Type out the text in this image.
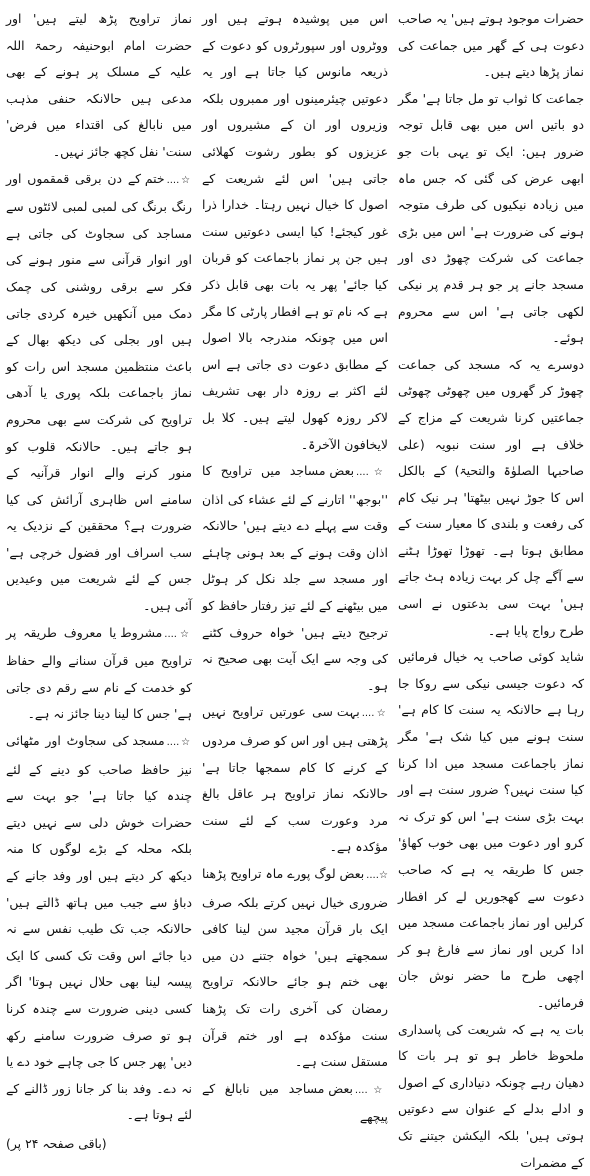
حضرات موجود ہوتے ہیں' یہ صاحب دعوت ہی کے گھر میں جماعت کی نماز پڑھا دیتے ہیں۔

جماعت کا ثواب تو مل جاتا ہے' مگر دو باتیں اس میں بھی قابل توجہ ضرور ہیں: ایک تو یہی بات جو ابھی عرض کی گئی کہ جس ماہ میں زیادہ نیکیوں کی طرف متوجہ ہونے کی ضرورت ہے' اس میں بڑی جماعت کی شرکت چھوڑ دی اور مسجد جانے پر جو ہر قدم پر نیکی لکھی جاتی ہے' اس سے محروم ہوئے۔

دوسرے یہ کہ مسجد کی جماعت چھوڑ کر گھروں میں چھوٹی چھوٹی جماعتیں کرنا شریعت کے مزاج کے خلاف ہے اور سنت نبویہ (علی صاحبہا الصلوٰۃ والتحیۃ) کے بالکل اس کا جوڑ نہیں بیٹھتا' ہر نیک کام کی رفعت و بلندی کا معیار سنت کے مطابق ہوتا ہے۔ تھوڑا تھوڑا ہٹنے سے آگے چل کر بہت زیادہ ہٹ جاتے ہیں' بہت سی بدعتوں نے اسی طرح رواج پایا ہے۔

شاید کوئی صاحب یہ خیال فرمائیں کہ دعوت جیسی نیکی سے روکا جا رہا ہے حالانکہ یہ سنت کا کام ہے' سنت ہونے میں کیا شک ہے' مگر نماز باجماعت مسجد میں ادا کرنا کیا سنت نہیں؟ ضرور سنت ہے اور بہت بڑی سنت ہے' اس کو ترک نہ کرو اور دعوت میں بھی خوب کھاؤ' جس کا طریقہ یہ ہے کہ صاحب دعوت سے کھجوریں لے کر افطار کرلیں اور نماز باجماعت مسجد میں ادا کریں اور نماز سے فارغ ہو کر اچھی طرح ما حضر نوش جان فرمائیں۔

بات یہ ہے کہ شریعت کی پاسداری ملحوظ خاطر ہو تو ہر بات کا دھیان رہے چونکہ دنیاداری کے اصول و ادلے بدلے کے عنوان سے دعوتیں ہوتی ہیں' بلکہ الیکشن جیتنے تک کے مضمرات

اس میں پوشیدہ ہوتے ہیں اور ووٹروں اور سپورٹروں کو دعوت کے ذریعہ مانوس کیا جاتا ہے اور یہ دعوتیں چیئرمینوں اور ممبروں بلکہ وزیروں اور ان کے مشیروں اور عزیزوں کو بطور رشوت کھلائی جاتی ہیں' اس لئے شریعت کے اصول کا خیال نہیں رہتا۔ خدارا ذرا غور کیجئے! کیا ایسی دعوتیں سنت ہیں جن پر نماز باجماعت کو قربان کیا جائے' پھر یہ بات بھی قابل ذکر ہے کہ نام تو ہے افطار پارٹی کا مگر اس میں چونکہ مندرجہ بالا اصول کے مطابق دعوت دی جاتی ہے اس لئے اکثر بے روزہ دار بھی تشریف لاکر روزہ کھول لیتے ہیں۔ کلا بل لایخافون الآخرۃ۔

☆....بعض مساجد میں تراویح کا ''بوجھ'' اتارنے کے لئے عشاء کی اذان وقت سے پہلے دے دیتے ہیں' حالانکہ اذان وقت ہونے کے بعد ہونی چاہئے اور مسجد سے جلد نکل کر ہوٹل میں بیٹھنے کے لئے تیز رفتار حافظ کو ترجیح دیتے ہیں' خواہ حروف کٹنے کی وجہ سے ایک آیت بھی صحیح نہ ہو۔

☆....بہت سی عورتیں تراویح نہیں پڑھتی ہیں اور اس کو صرف مردوں کے کرنے کا کام سمجھا جاتا ہے' حالانکہ نماز تراویح ہر عاقل بالغ مرد وعورت سب کے لئے سنت مؤکدہ ہے۔

☆....بعض لوگ پورے ماہ تراویح پڑھنا ضروری خیال نہیں کرتے بلکہ صرف ایک بار قرآن مجید سن لینا کافی سمجھتے ہیں' خواہ جتنے دن میں بھی ختم ہو جائے حالانکہ تراویح رمضان کی آخری رات تک پڑھنا سنت مؤکدہ ہے اور ختم قرآن مستقل سنت ہے۔

☆....بعض مساجد میں نابالغ کے پیچھے

نماز تراویح پڑھ لیتے ہیں' اور حضرت امام ابوحنیفہ رحمۃ اللہ علیہ کے مسلک پر ہونے کے بھی مدعی ہیں حالانکہ حنفی مذہب میں نابالغ کی اقتداء میں فرض' سنت' نفل کچھ جائز نہیں۔

☆....ختم کے دن برقی قمقموں اور رنگ برنگ کی لمبی لمبی لائٹوں سے مساجد کی سجاوٹ کی جاتی ہے اور انوار قرآنی سے منور ہونے کی فکر سے برقی روشنی کی چمک دمک میں آنکھیں خیرہ کردی جاتی ہیں اور بجلی کی دیکھ بھال کے باعث منتظمین مسجد اس رات کو نماز باجماعت بلکہ پوری یا آدھی تراویح کی شرکت سے بھی محروم ہو جاتے ہیں۔ حالانکہ قلوب کو منور کرنے والے انوار قرآنیہ کے سامنے اس ظاہری آرائش کی کیا ضرورت ہے؟ محققین کے نزدیک یہ سب اسراف اور فضول خرچی ہے' جس کے لئے شریعت میں وعیدیں آئی ہیں۔

☆....مشروط یا معروف طریقہ پر تراویح میں قرآن سنانے والے حفاظ کو خدمت کے نام سے رقم دی جاتی ہے' جس کا لینا دینا جائز نہ ہے۔

☆....مسجد کی سجاوٹ اور مٹھائی نیز حافظ صاحب کو دینے کے لئے چندہ کیا جاتا ہے' جو بہت سے حضرات خوش دلی سے نہیں دیتے بلکہ محلہ کے بڑے لوگوں کا منہ دیکھ کر دیتے ہیں اور وفد جانے کے دباؤ سے جیب میں ہاتھ ڈالتے ہیں' حالانکہ جب تک طیب نفس سے نہ دیا جائے اس وقت تک کسی کا ایک پیسہ لینا بھی حلال نہیں ہوتا' اگر کسی دینی ضرورت سے چندہ کرنا ہو تو صرف ضرورت سامنے رکھ دیں' پھر جس کا جی چاہے خود دے یا نہ دے۔ وفد بنا کر جانا زور ڈالنے کے لئے ہوتا ہے۔

(باقی صفحہ ۲۴ پر)
